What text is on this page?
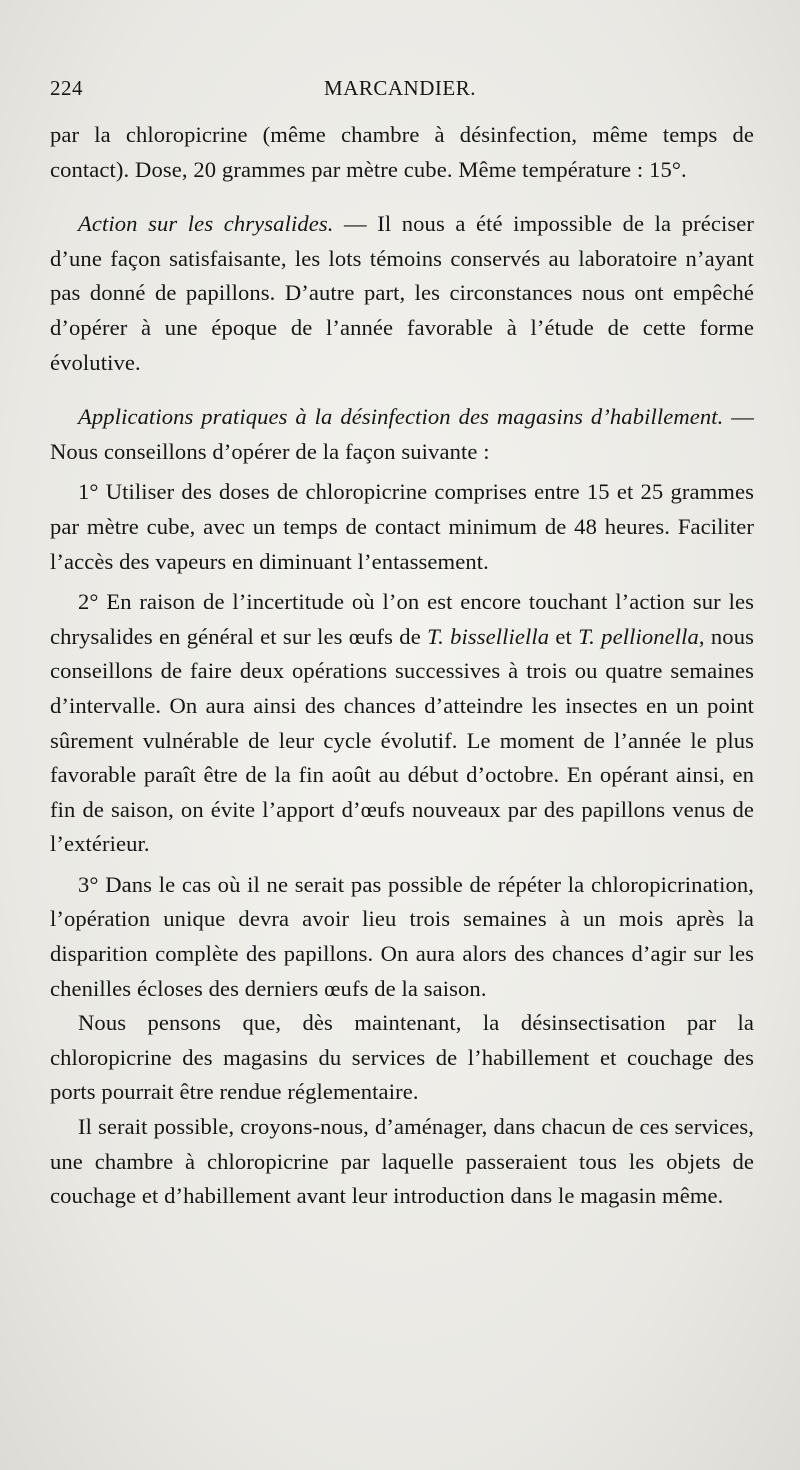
224	MARCANDIER.

par la chloropicrine (même chambre à désinfection, même temps de contact). Dose, 20 grammes par mètre cube. Même température : 15°.

Action sur les chrysalides. — Il nous a été impossible de la préciser d’une façon satisfaisante, les lots témoins conservés au laboratoire n’ayant pas donné de papillons. D’autre part, les circonstances nous ont empêché d’opérer à une époque de l’année favorable à l’étude de cette forme évolutive.

Applications pratiques à la désinfection des magasins d’habillement. — Nous conseillons d’opérer de la façon suivante :

1° Utiliser des doses de chloropicrine comprises entre 15 et 25 grammes par mètre cube, avec un temps de contact minimum de 48 heures. Faciliter l’accès des vapeurs en diminuant l’entassement.

2° En raison de l’incertitude où l’on est encore touchant l’action sur les chrysalides en général et sur les œufs de T. bisselliella et T. pellionella, nous conseillons de faire deux opérations successives à trois ou quatre semaines d’intervalle. On aura ainsi des chances d’atteindre les insectes en un point sûrement vulnérable de leur cycle évolutif. Le moment de l’année le plus favorable paraît être de la fin août au début d’octobre. En opérant ainsi, en fin de saison, on évite l’apport d’œufs nouveaux par des papillons venus de l’extérieur.

3° Dans le cas où il ne serait pas possible de répéter la chloropicrination, l’opération unique devra avoir lieu trois semaines à un mois après la disparition complète des papillons. On aura alors des chances d’agir sur les chenilles écloses des derniers œufs de la saison.

Nous pensons que, dès maintenant, la désinsectisation par la chloropicrine des magasins du services de l’habillement et couchage des ports pourrait être rendue réglementaire.

Il serait possible, croyons-nous, d’aménager, dans chacun de ces services, une chambre à chloropicrine par laquelle passeraient tous les objets de couchage et d’habillement avant leur introduction dans le magasin même.
